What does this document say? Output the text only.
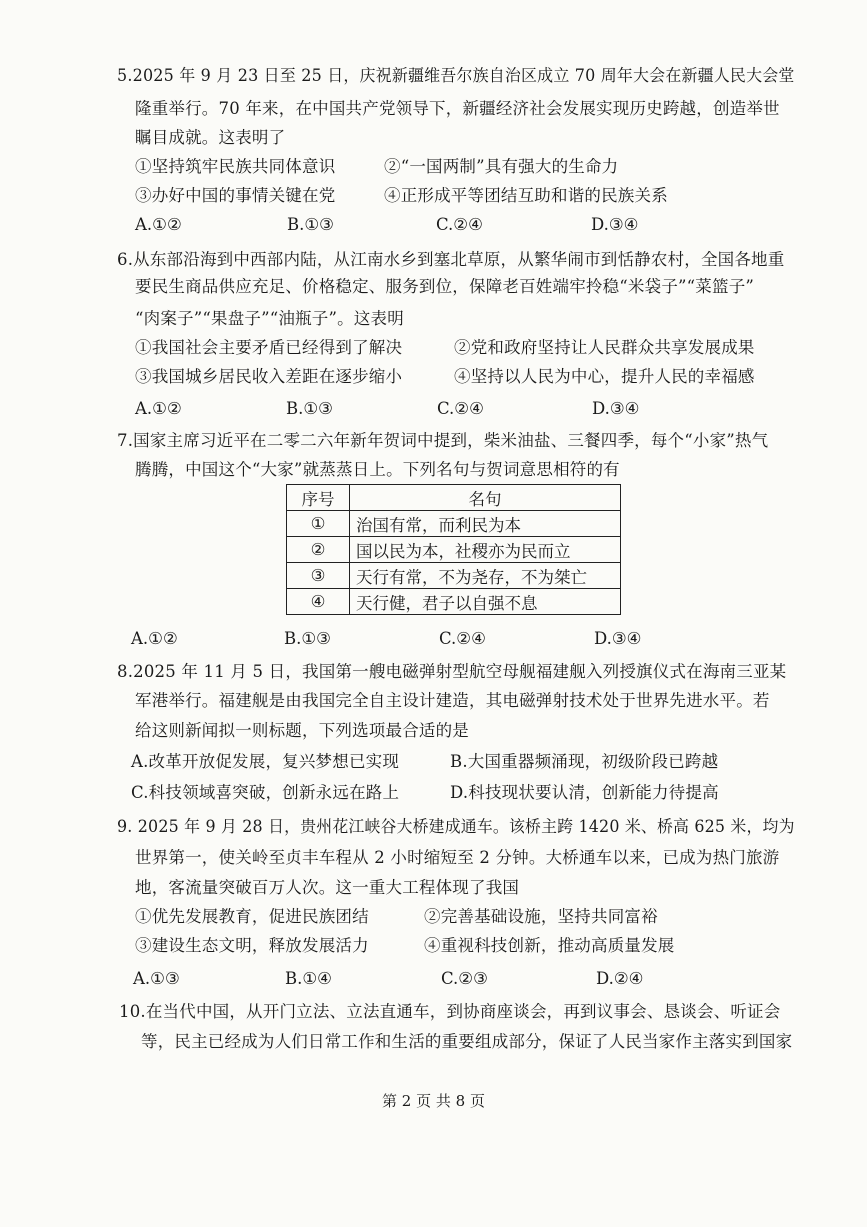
5.2025 年 9 月 23 日至 25 日，庆祝新疆维吾尔族自治区成立 70 周年大会在新疆人民大会堂
隆重举行。70 年来，在中国共产党领导下，新疆经济社会发展实现历史跨越，创造举世
瞩目成就。这表明了
①坚持筑牢民族共同体意识	②“一国两制”具有强大的生命力
③办好中国的事情关键在党	④正形成平等团结互助和谐的民族关系
A.①②	B.①③	C.②④	D.③④
6.从东部沿海到中西部内陆，从江南水乡到塞北草原，从繁华闹市到恬静农村，全国各地重
要民生商品供应充足、价格稳定、服务到位，保障老百姓端牢拎稳“米袋子”“菜篮子”
“肉案子”“果盘子”“油瓶子”。这表明
①我国社会主要矛盾已经得到了解决	②党和政府坚持让人民群众共享发展成果
③我国城乡居民收入差距在逐步缩小	④坚持以人民为中心，提升人民的幸福感
A.①②	B.①③	C.②④	D.③④
7.国家主席习近平在二零二六年新年贺词中提到，柴米油盐、三餐四季，每个“小家”热气
腾腾，中国这个“大家”就蒸蒸日上。下列名句与贺词意思相符的有
序号	名句
①	治国有常，而利民为本
②	国以民为本，社稷亦为民而立
③	天行有常，不为尧存，不为桀亡
④	天行健，君子以自强不息
A.①②	B.①③	C.②④	D.③④
8.2025 年 11 月 5 日，我国第一艘电磁弹射型航空母舰福建舰入列授旗仪式在海南三亚某
军港举行。福建舰是由我国完全自主设计建造，其电磁弹射技术处于世界先进水平。若
给这则新闻拟一则标题，下列选项最合适的是
A.改革开放促发展，复兴梦想已实现	B.大国重器频涌现，初级阶段已跨越
C.科技领域喜突破，创新永远在路上	D.科技现状要认清，创新能力待提高
9. 2025 年 9 月 28 日，贵州花江峡谷大桥建成通车。该桥主跨 1420 米、桥高 625 米，均为
世界第一，使关岭至贞丰车程从 2 小时缩短至 2 分钟。大桥通车以来，已成为热门旅游
地，客流量突破百万人次。这一重大工程体现了我国
①优先发展教育，促进民族团结	②完善基础设施，坚持共同富裕
③建设生态文明，释放发展活力	④重视科技创新，推动高质量发展
A.①③	B.①④	C.②③	D.②④
10.在当代中国，从开门立法、立法直通车，到协商座谈会，再到议事会、恳谈会、听证会
等，民主已经成为人们日常工作和生活的重要组成部分，保证了人民当家作主落实到国家
第 2 页 共 8 页
